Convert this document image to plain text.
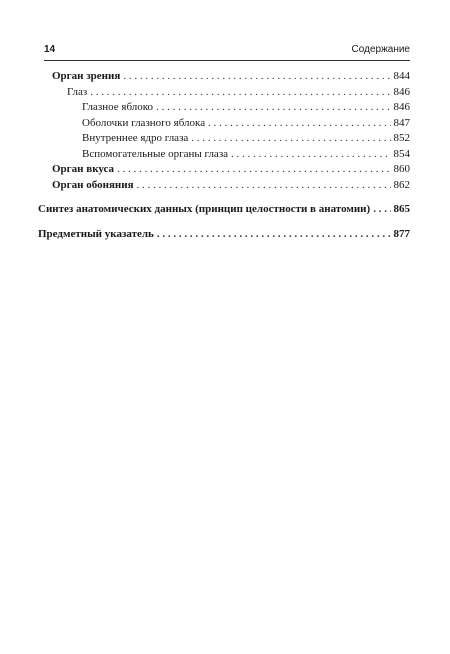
14	Содержание
Орган зрения . . .	844
Глаз . . .	846
Глазное яблоко . . .	846
Оболочки глазного яблока . . .	847
Внутреннее ядро глаза . . .	852
Вспомогательные органы глаза . . .	854
Орган вкуса . . .	860
Орган обоняния . . .	862
Синтез анатомических данных (принцип целостности в анатомии) . . . 865
Предметный указатель . . .	877
